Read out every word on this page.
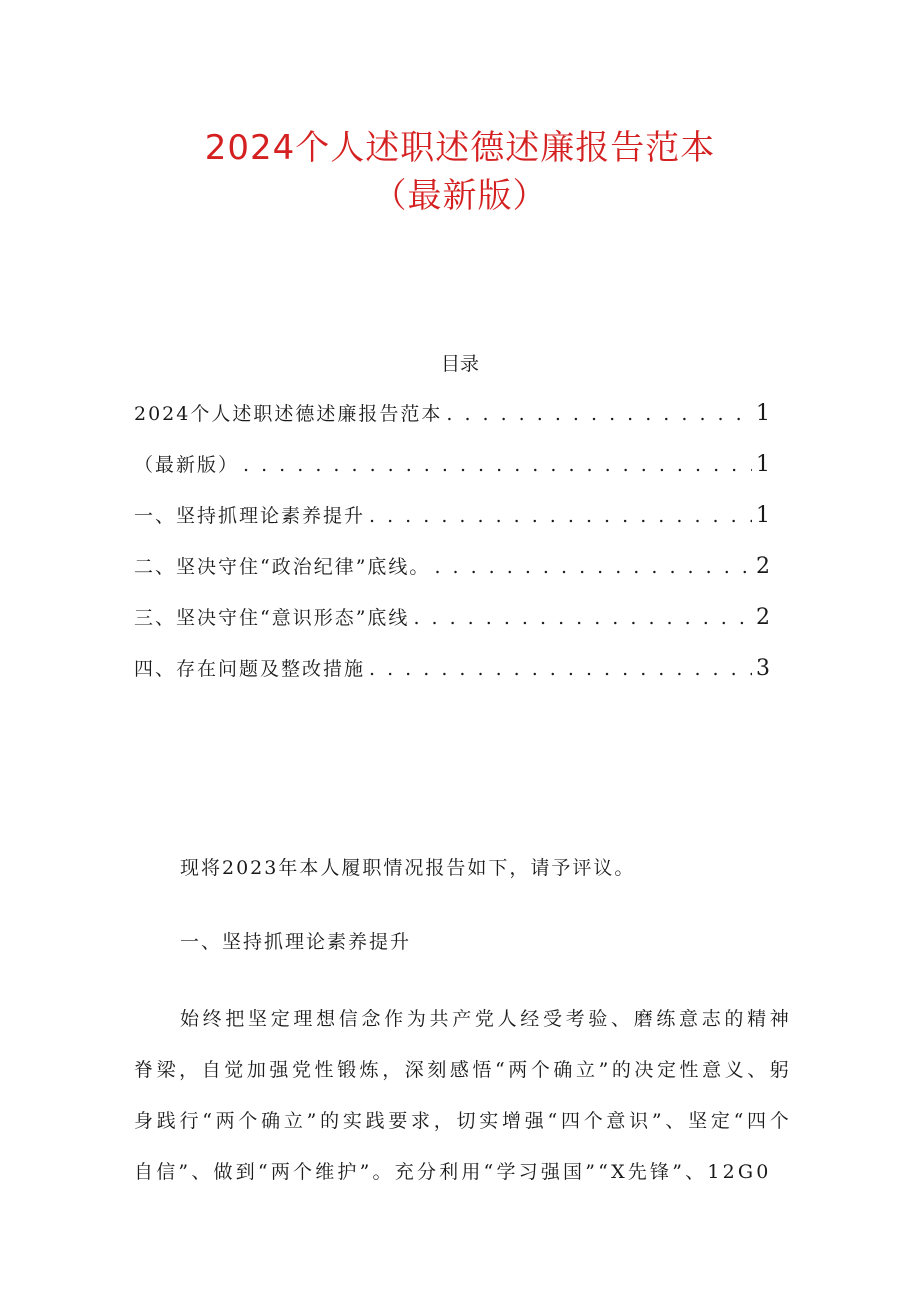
2024个人述职述德述廉报告范本
（最新版）
目录
2024个人述职述德述廉报告范本 . . .	1
（最新版） . . .	1
一、坚持抓理论素养提升 . . .	1
二、坚决守住“政治纪律”底线。 . . .	2
三、坚决守住“意识形态”底线 . . .	2
四、存在问题及整改措施 . . .	3
现将2023年本人履职情况报告如下，请予评议。
一、坚持抓理论素养提升
始终把坚定理想信念作为共产党人经受考验、磨练意志的精神脊梁，自觉加强党性锻炼，深刻感悟“两个确立”的决定性意义、躬身践行“两个确立”的实践要求，切实增强“四个意识”、坚定“四个自信”、做到“两个维护”。充分利用“学习强国”“X先锋”、12G0
